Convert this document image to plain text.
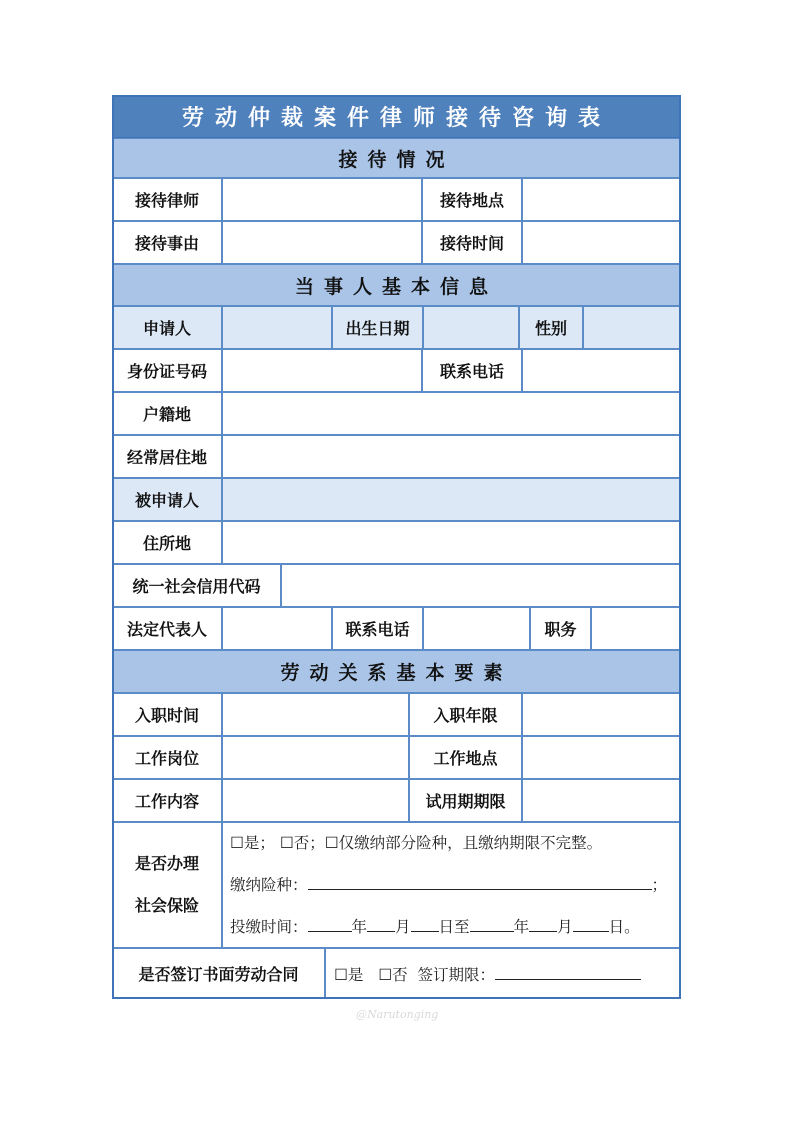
劳动仲裁案件律师接待咨询表
接待情况
接待律师	接待地点
接待事由	接待时间
当事人基本信息
申请人	出生日期	性别
身份证号码	联系电话
户籍地
经常居住地
被申请人
住所地
统一社会信用代码
法定代表人	联系电话	职务
劳动关系基本要素
入职时间	入职年限
工作岗位	工作地点
工作内容	试用期期限
是否办理
社会保险
☐是； ☐否；☐仅缴纳部分险种，且缴纳期限不完整。
缴纳险种：	；
投缴时间：	年 月 日至	年 月 日。
是否签订书面劳动合同	☐是 ☐否 签订期限：
@Narutonging
